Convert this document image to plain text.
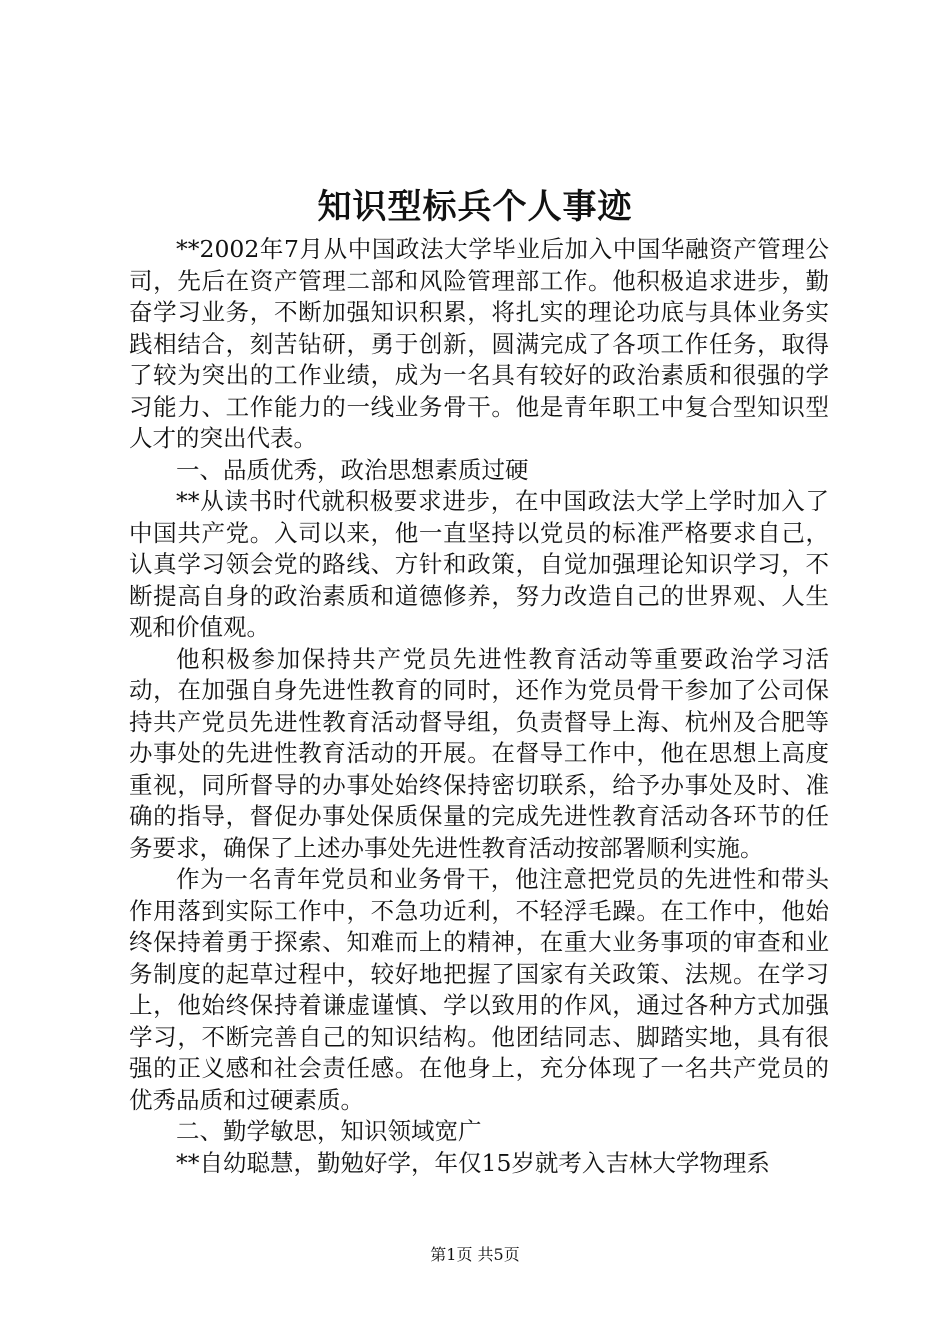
知识型标兵个人事迹

**2002年7月从中国政法大学毕业后加入中国华融资产管理公司，先后在资产管理二部和风险管理部工作。他积极追求进步，勤奋学习业务，不断加强知识积累，将扎实的理论功底与具体业务实践相结合，刻苦钻研，勇于创新，圆满完成了各项工作任务，取得了较为突出的工作业绩，成为一名具有较好的政治素质和很强的学习能力、工作能力的一线业务骨干。他是青年职工中复合型知识型人才的突出代表。

一、品质优秀，政治思想素质过硬

**从读书时代就积极要求进步，在中国政法大学上学时加入了中国共产党。入司以来，他一直坚持以党员的标准严格要求自己，认真学习领会党的路线、方针和政策，自觉加强理论知识学习，不断提高自身的政治素质和道德修养，努力改造自己的世界观、人生观和价值观。

他积极参加保持共产党员先进性教育活动等重要政治学习活动，在加强自身先进性教育的同时，还作为党员骨干参加了公司保持共产党员先进性教育活动督导组，负责督导上海、杭州及合肥等办事处的先进性教育活动的开展。在督导工作中，他在思想上高度重视，同所督导的办事处始终保持密切联系，给予办事处及时、准确的指导，督促办事处保质保量的完成先进性教育活动各环节的任务要求，确保了上述办事处先进性教育活动按部署顺利实施。

作为一名青年党员和业务骨干，他注意把党员的先进性和带头作用落到实际工作中，不急功近利，不轻浮毛躁。在工作中，他始终保持着勇于探索、知难而上的精神，在重大业务事项的审查和业务制度的起草过程中，较好地把握了国家有关政策、法规。在学习上，他始终保持着谦虚谨慎、学以致用的作风，通过各种方式加强学习，不断完善自己的知识结构。他团结同志、脚踏实地，具有很强的正义感和社会责任感。在他身上，充分体现了一名共产党员的优秀品质和过硬素质。

二、勤学敏思，知识领域宽广

**自幼聪慧，勤勉好学，年仅15岁就考入吉林大学物理系

第1页 共5页
